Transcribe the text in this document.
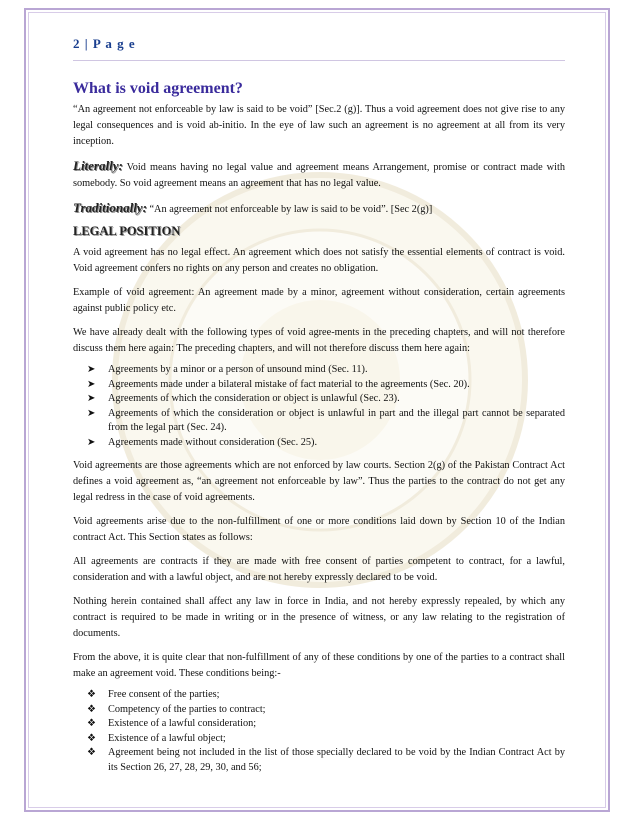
2 | P a g e
What is void agreement?

“An agreement not enforceable by law is said to be void” [Sec.2 (g)]. Thus a void agreement does not give rise to any legal consequences and is void ab-initio. In the eye of law such an agreement is no agreement at all from its very inception.

Literally: Void means having no legal value and agreement means Arrangement, promise or contract made with somebody. So void agreement means an agreement that has no legal value.

Traditionally: “An agreement not enforceable by law is said to be void”. [Sec 2(g)]

LEGAL POSITION

A void agreement has no legal effect. An agreement which does not satisfy the essential elements of contract is void. Void agreement confers no rights on any person and creates no obligation.

Example of void agreement: An agreement made by a minor, agreement without consideration, certain agreements against public policy etc.

We have already dealt with the following types of void agree-ments in the preceding chapters, and will not therefore discuss them here again: The preceding chapters, and will not therefore discuss them here again:

➤ Agreements by a minor or a person of unsound mind (Sec. 11).
➤ Agreements made under a bilateral mistake of fact material to the agreements (Sec. 20).
➤ Agreements of which the consideration or object is unlawful (Sec. 23).
➤ Agreements of which the consideration or object is unlawful in part and the illegal part cannot be separated from the legal part (Sec. 24).
➤ Agreements made without consideration (Sec. 25).

Void agreements are those agreements which are not enforced by law courts. Section 2(g) of the Pakistan Contract Act defines a void agreement as, “an agreement not enforceable by law”. Thus the parties to the contract do not get any legal redress in the case of void agreements.

Void agreements arise due to the non-fulfillment of one or more conditions laid down by Section 10 of the Indian contract Act. This Section states as follows:

All agreements are contracts if they are made with free consent of parties competent to contract, for a lawful, consideration and with a lawful object, and are not hereby expressly declared to be void.

Nothing herein contained shall affect any law in force in India, and not hereby expressly repealed, by which any contract is required to be made in writing or in the presence of witness, or any law relating to the registration of documents.

From the above, it is quite clear that non-fulfillment of any of these conditions by one of the parties to a contract shall make an agreement void. These conditions being:-

❖ Free consent of the parties;
❖ Competency of the parties to contract;
❖ Existence of a lawful consideration;
❖ Existence of a lawful object;
❖ Agreement being not included in the list of those specially declared to be void by the Indian Contract Act by its Section 26, 27, 28, 29, 30, and 56;
